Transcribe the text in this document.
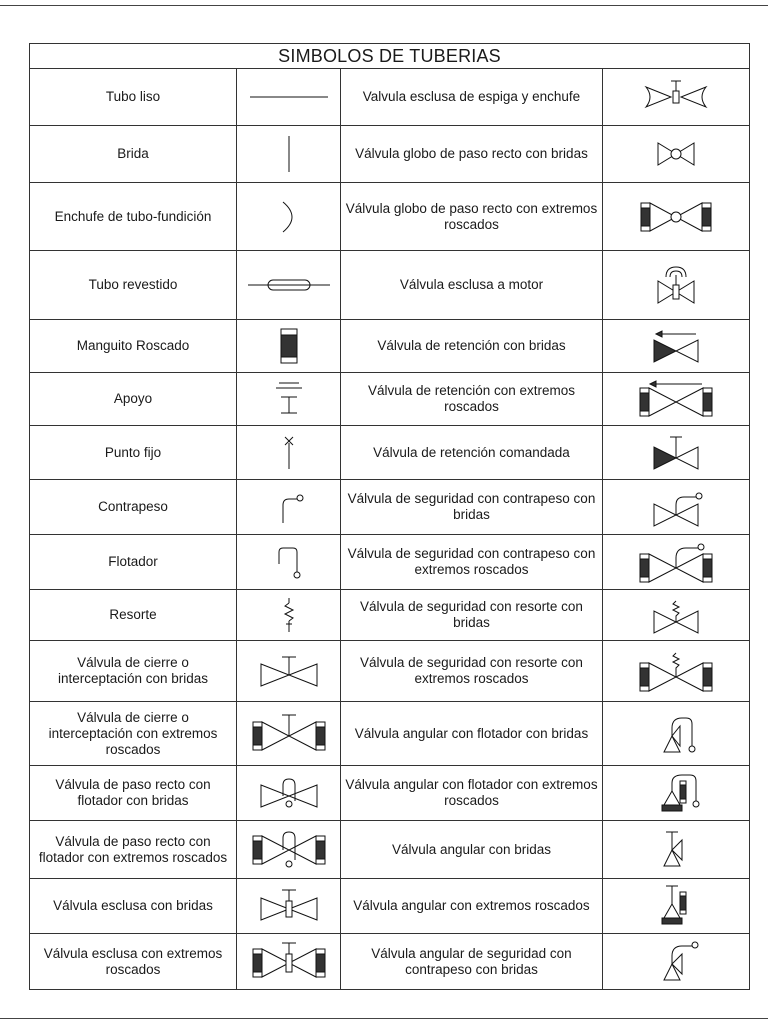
SIMBOLOS DE TUBERIAS			
Tubo liso		Valvula esclusa de espiga y enchufe	

Brida		Válvula globo de paso recto con bridas	

Enchufe de tubo-fundición		Válvula globo de paso recto con extremos roscados	

Tubo revestido		Válvula esclusa a motor	

Manguito Roscado		Válvula de retención con bridas	

Apoyo		Válvula de retención con extremos roscados	

Punto fijo		Válvula de retención comandada	

Contrapeso		Válvula de seguridad con contrapeso con bridas	

Flotador		Válvula de seguridad con contrapeso con extremos roscados	

Resorte		Válvula de seguridad con resorte con bridas	

Válvula de cierre o interceptación con bridas		Válvula de seguridad con resorte con extremos roscados	

Válvula de cierre o interceptación con extremos roscados		Válvula angular con flotador con bridas	

Válvula de paso recto con flotador con bridas		Válvula angular con flotador con extremos roscados	

Válvula de paso recto con flotador con extremos roscados		Válvula angular con bridas	

Válvula esclusa con bridas		Válvula angular con extremos roscados	

Válvula esclusa con extremos roscados		Válvula angular de seguridad con contrapeso con bridas	
